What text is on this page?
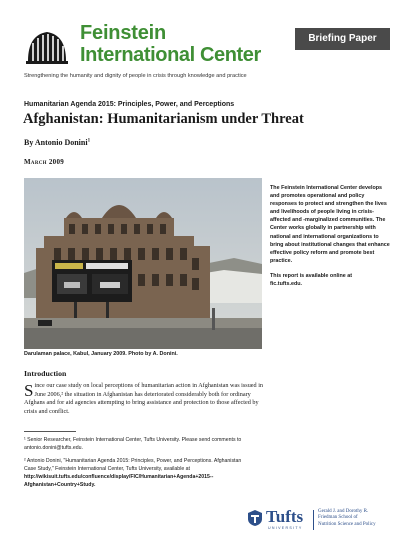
Feinstein
International Center
Briefing Paper
Strengthening the humanity and dignity of people in crisis through knowledge and practice
Humanitarian Agenda 2015: Principles, Power, and Perceptions
Afghanistan: Humanitarianism under Threat
By Antonio Donini$^1$
March 2009
Darulaman palace, Kabul, January 2009. Photo by A. Donini.

The Feinstein International Center develops and promotes operational and policy responses to protect and strengthen the lives and livelihoods of people living in crisis-affected and -marginalized communities. The Center works globally in partnership with national and international organizations to bring about institutional changes that enhance effective policy reform and promote best practice.

This report is available online at
fic.tufts.edu.

Introduction
Since our case study on local perceptions of humanitarian action in Afghanistan was issued in June 2006,² the situation in Afghanistan has deteriorated considerably both for ordinary Afghans and for aid agencies attempting to bring assistance and protection to those affected by crisis and conflict.

¹ Senior Researcher, Feinstein International Center, Tufts University. Please send comments to antonio.donini@tufts.edu.

² Antonio Donini, "Humanitarian Agenda 2015: Principles, Power, and Perceptions. Afghanistan Case Study," Feinstein International Center, Tufts University, available at http://wikisuit.tufts.edu/confluence/display/FIC/Humanitarian+Agenda+2015--Afghanistan+Country+Study.

Tufts
UNIVERSITY
Gerald J. and Dorothy R.
Friedman School of
Nutrition Science and Policy
